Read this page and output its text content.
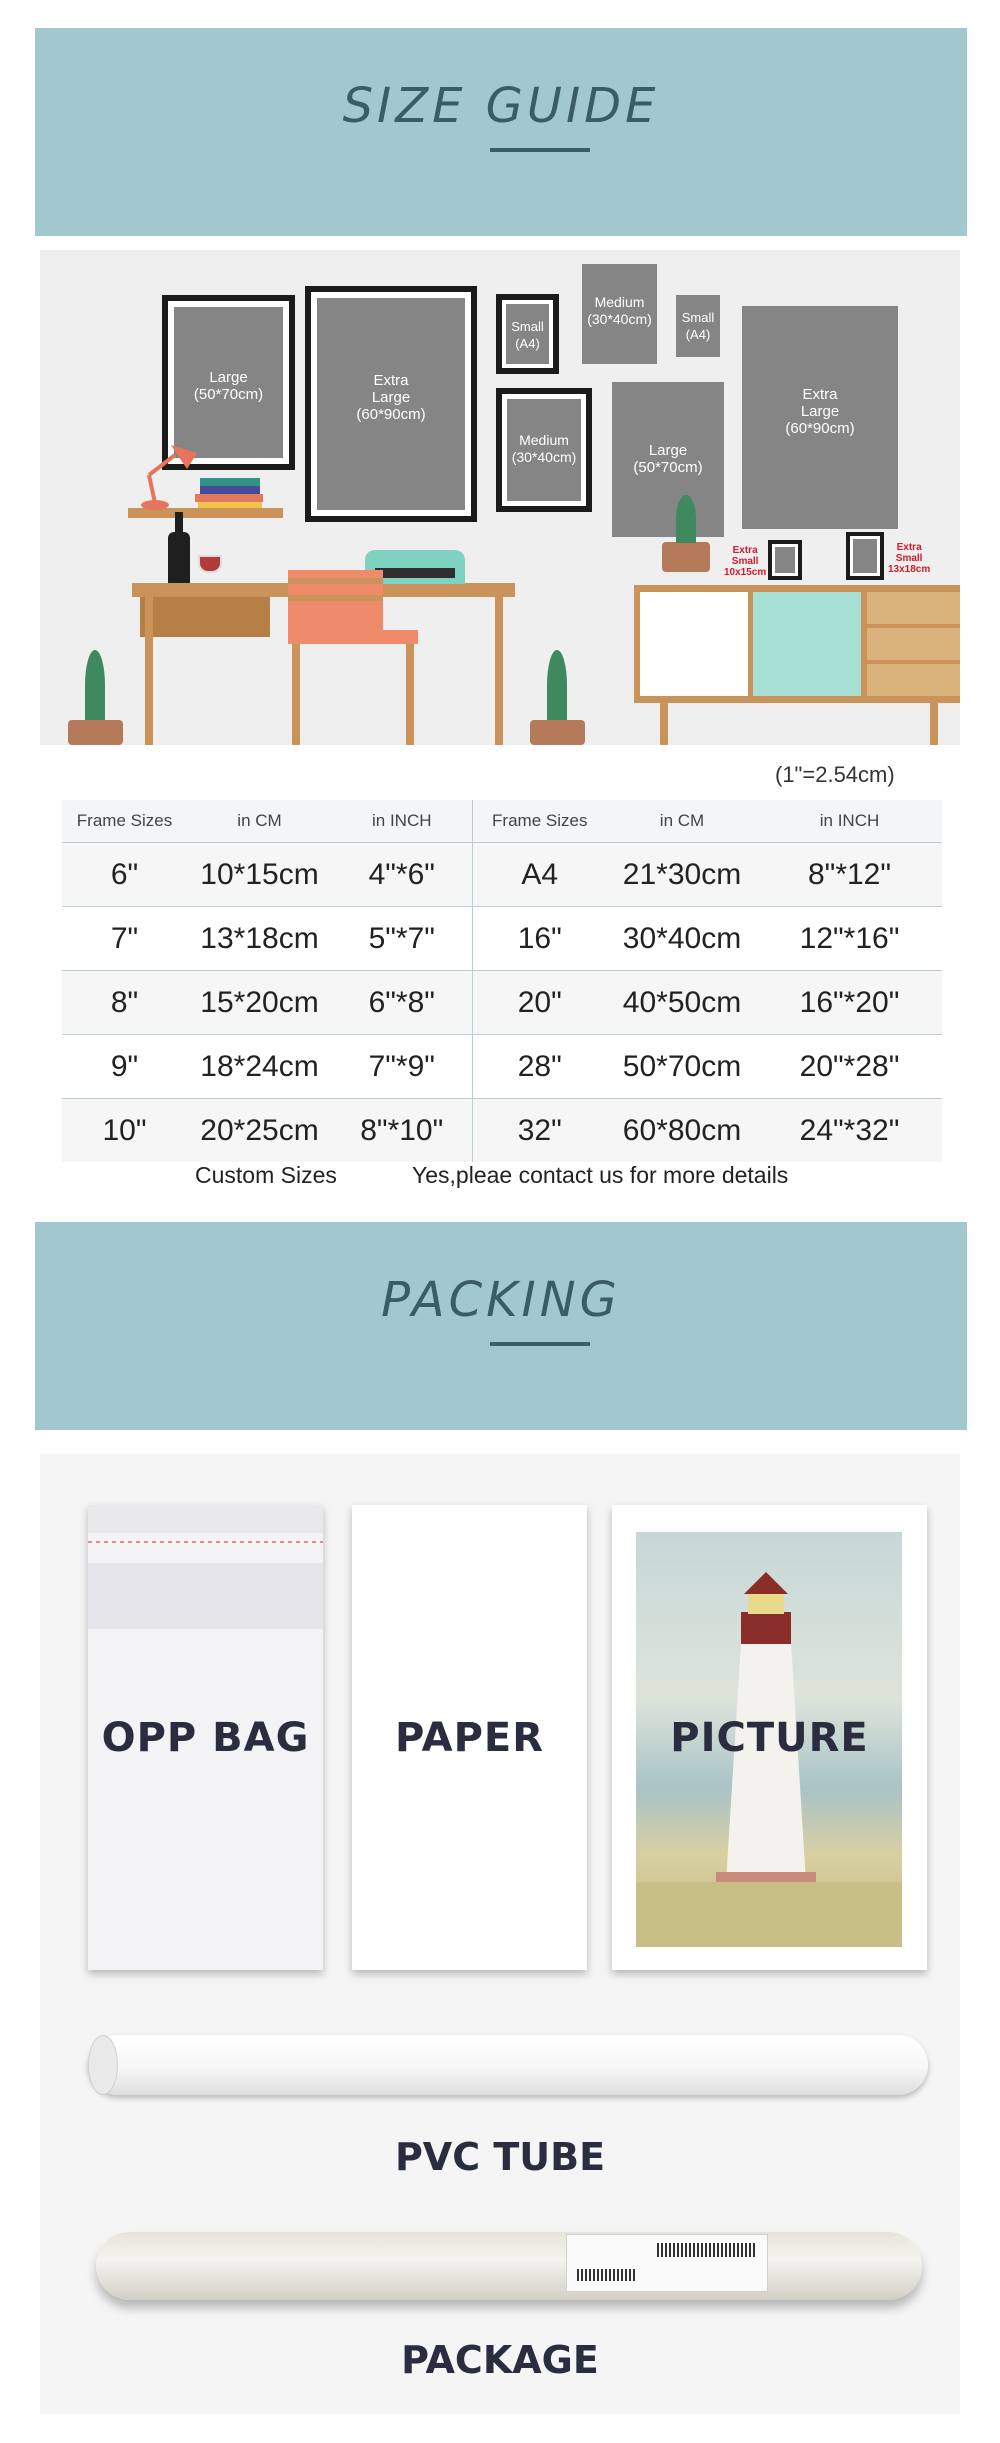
SIZE GUIDE
Large
(50*70cm)
Extra
Large
(60*90cm)
Small
(A4)
Medium
(30*40cm)	Small
(A4)
Medium
(30*40cm)	Large
(50*70cm)
Extra
Large
(60*90cm)
Extra
Small
10x15cm
Extra
Small
13x18cm
(1"=2.54cm)
Frame Sizes	in CM	in INCH	Frame Sizes	in CM	in INCH
6"	10*15cm	4"*6"	A4	21*30cm	8"*12"
7"	13*18cm	5"*7"	16"	30*40cm	12"*16"
8"	15*20cm	6"*8"	20"	40*50cm	16"*20"
9"	18*24cm	7"*9"	28"	50*70cm	20"*28"
10"	20*25cm	8"*10"	32"	60*80cm	24"*32"
Custom Sizes	Yes,pleae contact us for more details
PACKING
OPP BAG	PAPER	PICTURE
PVC TUBE
PACKAGE
